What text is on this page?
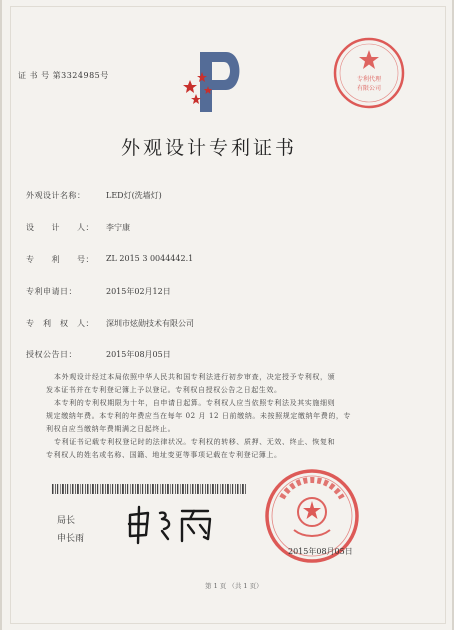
专利代理
有限公司
证 书 号 第3324985号
外观设计专利证书
外观设计名称：	LED灯(洗墙灯)
设　　计　　人： 李宁康
专　　利　　号： ZL 2015 3 0044442.1
专利申请日：	2015年02月12日
专　利　权　人： 深圳市炫勋技术有限公司
授权公告日：	2015年08月05日
本外观设计经过本局依照中华人民共和国专利法进行初步审查，决定授予专利权，颁
发本证书并在专利登记簿上予以登记。专利权自授权公告之日起生效。
本专利的专利权期限为十年，自申请日起算。专利权人应当依照专利法及其实施细则
规定缴纳年费。本专利的年费应当在每年 02 月 12 日前缴纳。未按照规定缴纳年费的，专
利权自应当缴纳年费期满之日起终止。
专利证书记载专利权登记时的法律状况。专利权的转移、质押、无效、终止、恢复和
专利权人的姓名或名称、国籍、地址变更等事项记载在专利登记簿上。
局长
申长雨
2015年08月05日
第 1 页 （共 1 页）
